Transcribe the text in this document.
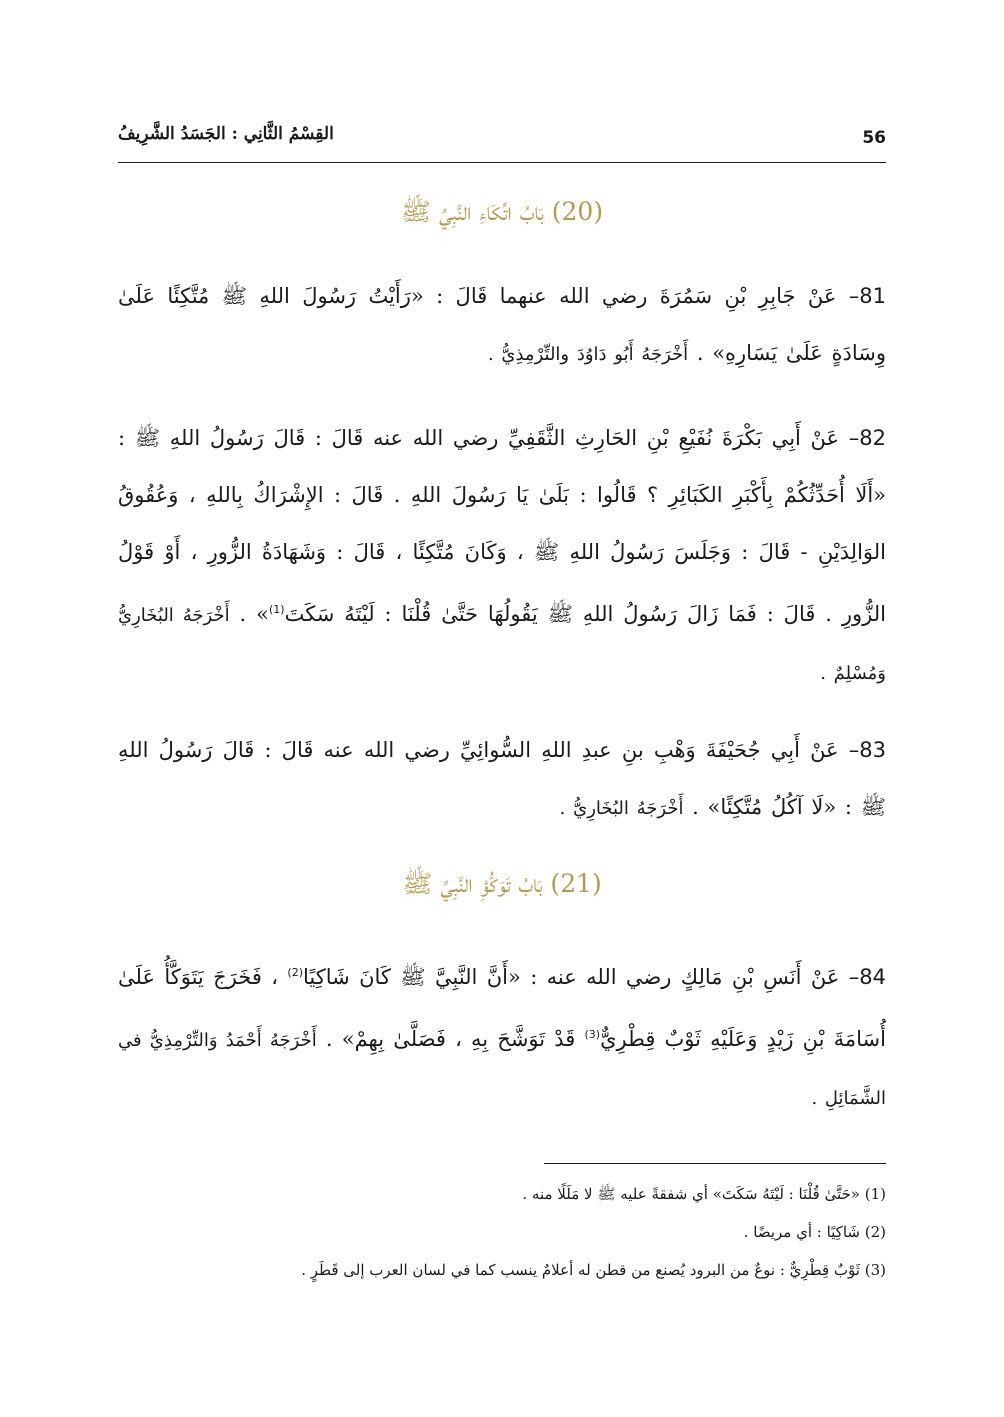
56
القِسْمُ الثَّانِي : الجَسَدُ الشَّرِيفُ
(20) بَابُ اتِّكَاءِ النَّبِيِّ ﷺ
81– عَنْ جَابِرِ بْنِ سَمُرَةَ رضي الله عنهما قَالَ : «رَأَيْتُ رَسُولَ اللهِ ﷺ مُتَّكِئًا عَلَىٰ وِسَادَةٍ عَلَىٰ يَسَارِهِ» . أَخْرَجَهُ أَبُو دَاوُدَ والتِّرْمِذِيُّ .
82– عَنْ أَبِي بَكْرَةَ نُفَيْعِ بْنِ الحَارِثِ الثَّقَفِيِّ رضي الله عنه قَالَ : قَالَ رَسُولُ اللهِ ﷺ : «أَلَا أُحَدِّثُكُمْ بِأَكْبَرِ الكَبَائِرِ ؟ قَالُوا : بَلَىٰ يَا رَسُولَ اللهِ . قَالَ : الإِشْرَاكُ بِاللهِ ، وَعُقُوقُ الوَالِدَيْنِ - قَالَ : وَجَلَسَ رَسُولُ اللهِ ﷺ ، وَكَانَ مُتَّكِئًا ، قَالَ : وَشَهَادَةُ الزُّورِ ، أَوْ قَوْلُ الزُّورِ . قَالَ : فَمَا زَالَ رَسُولُ اللهِ ﷺ يَقُولُهَا حَتَّىٰ قُلْنَا : لَيْتَهُ سَكَتَ$^{(1)}$» . أَخْرَجَهُ البُخَارِيُّ وَمُسْلِمٌ .
83– عَنْ أَبِي جُحَيْفَةَ وَهْبِ بنِ عبدِ اللهِ السُّوائِيِّ رضي الله عنه قَالَ : قَالَ رَسُولُ اللهِ ﷺ : «لَا آكُلُ مُتَّكِئًا» . أَخْرَجَهُ البُخَارِيُّ .
(21) بَابُ تَوَكُّؤِ النَّبِيِّ ﷺ
84– عَنْ أَنَسِ بْنِ مَالِكٍ رضي الله عنه : «أَنَّ النَّبِيَّ ﷺ كَانَ شَاكِيًا$^{(2)}$ ، فَخَرَجَ يَتَوَكَّأُ عَلَىٰ أُسَامَةَ بْنِ زَيْدٍ وَعَلَيْهِ ثَوْبٌ قِطْرِيٌّ$^{(3)}$ قَدْ تَوَشَّحَ بِهِ ، فَصَلَّىٰ بِهِمْ» . أَخْرَجَهُ أَحْمَدُ وَالتِّرْمِذِيُّ في الشَّمَائِلِ .
(1) «حَتَّىٰ قُلْنَا : لَيْتَهُ سَكَتَ» أي شفقةً عليه ﷺ لا مَلَلًا منه .
(2) شَاكِيًا : أي مريضًا .
(3) ثَوْبٌ قِطْرِيٌّ : نوعٌ من البرود يُصنع من قطن له أعلامٌ ينسب كما في لسان العرب إلى قَطَرٍ .
